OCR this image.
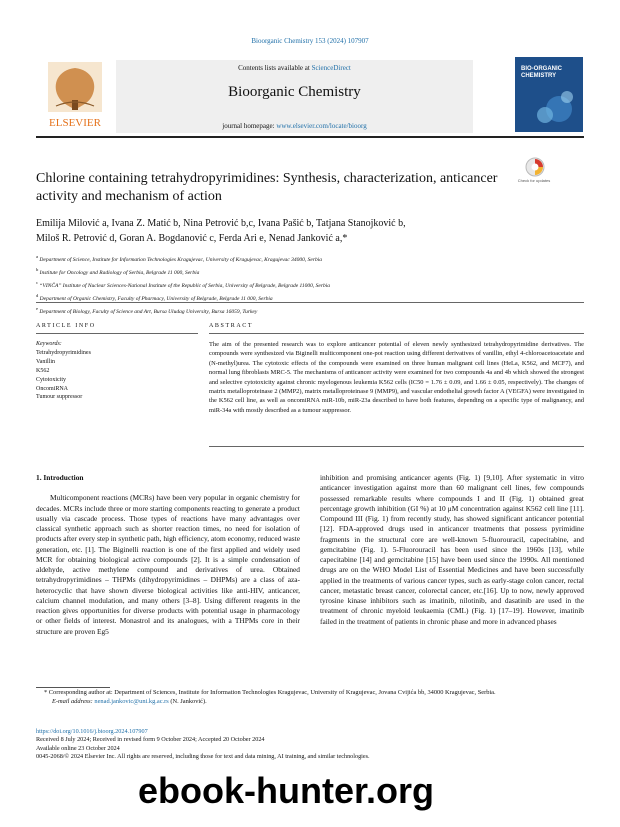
Bioorganic Chemistry 153 (2024) 107907
ELSEVIER
Contents lists available at ScienceDirect
Bioorganic Chemistry
journal homepage: www.elsevier.com/locate/bioorg
BIO-ORGANIC CHEMISTRY
Chlorine containing tetrahydropyrimidines: Synthesis, characterization, anticancer activity and mechanism of action
Check for updates
Emilija Milović a, Ivana Z. Matić b, Nina Petrović b,c, Ivana Pašić b, Tatjana Stanojković b,
Miloš R. Petrović d, Goran A. Bogdanović c, Ferda Ari e, Nenad Janković a,*
$^a$ Department of Science, Institute for Information Technologies Kragujevac, University of Kragujevac, Kragujevac 34000, Serbia
$^b$ Institute for Oncology and Radiology of Serbia, Belgrade 11 000, Serbia
$^c$ “VINČA” Institute of Nuclear Sciences-National Institute of the Republic of Serbia, University of Belgrade, Belgrade 11000, Serbia
$^d$ Department of Organic Chemistry, Faculty of Pharmacy, University of Belgrade, Belgrade 11 000, Serbia
$^e$ Department of Biology, Faculty of Science and Art, Bursa Uludag University, Bursa 16059, Turkey
ARTICLE INFO	ABSTRACT
Keywords:
Tetrahydropyrimidines
Vanillin
K562
Cytotoxicity
OncomiRNA
Tumour suppressor
The aim of the presented research was to explore anticancer potential of eleven newly synthesized tetrahydropyrimidine derivatives. The compounds were synthesized via Biginelli multicomponent one-pot reaction using different derivatives of vanillin, ethyl 4-chloroacetoacetate and (N-methyl)urea. The cytotoxic effects of the compounds were examined on three human malignant cell lines (HeLa, K562, and MCF7), and normal lung fibroblasts MRC-5. The mechanisms of anticancer activity were examined for two compounds 4a and 4b which showed the strongest and selective cytotoxicity against chronic myelogenous leukemia K562 cells (IC50 = 1.76 ± 0.09, and 1.66 ± 0.05, respectively). The changes of matrix metalloproteinase 2 (MMP2), matrix metalloproteinase 9 (MMP9), and vascular endothelial growth factor A (VEGFA) were investigated in the K562 cell line, as well as oncomiRNA miR-10b, miR-23a described to have both features, depending on a specific type of malignancy, and miR-34a with mostly described as a tumour suppressor.
1. Introduction

Multicomponent reactions (MCRs) have been very popular in organic chemistry for decades. MCRs include three or more starting components reacting to generate a product usually via cascade process. Those types of reactions have many advantages over classical synthetic approach such as shorter reaction times, no need for isolation of products after every step in synthetic path, high efficiency, atom economy, reduced waste generation, etc. [1]. The Biginelli reaction is one of the first applied and widely used MCR for obtaining biological active compounds [2]. It is a simple condensation of aldehyde, active methylene compound and derivatives of urea. Obtained tetrahydropyrimidines – THPMs (dihydropyrimidines – DHPMs) are a class of aza-heterocyclic that have shown diverse biological activities like anti-HIV, anticancer, calcium channel modulation, and many others [3–8]. Using different reagents in the reaction gives opportunities for diverse products with potential usage in pharmacology or other fields of interest. Monastrol and its analogues, with a THPMs core in their structure are proven Eg5

inhibition and promising anticancer agents (Fig. 1) [9,10]. After systematic in vitro anticancer investigation against more than 60 malignant cell lines, few compounds possessed remarkable results where compounds I and II (Fig. 1) obtained great percentage growth inhibition (GI %) at 10 μM concentration against K562 cell line [11]. Compound III (Fig. 1) from recently study, has showed significant anticancer potential [12]. FDA-approved drugs used in anticancer treatments that possess pyrimidine fragments in the structural core are well-known 5-fluorouracil, capecitabine, and gemcitabine (Fig. 1). 5-Fluorouracil has been used since the 1960s [13], while capecitabine [14] and gemcitabine [15] have been used since the 1990s. All mentioned drugs are on the WHO Model List of Essential Medicines and have been successfully applied in the treatments of various cancer types, such as early-stage colon cancer, rectal cancer, metastatic breast cancer, colorectal cancer, etc.[16]. Up to now, newly approved tyrosine kinase inhibitors such as imatinib, nilotinib, and dasatinib are used in the treatment of chronic myeloid leukaemia (CML) (Fig. 1) [17–19]. However, imatinib failed in the treatment of patients in chronic phase and more in advanced phases

* Corresponding author at: Department of Sciences, Institute for Information Technologies Kragujevac, University of Kragujevac, Jovana Cvijića bb, 34000 Kragujevac, Serbia.
E-mail address: nenad.jankovic@uni.kg.ac.rs (N. Janković).
https://doi.org/10.1016/j.bioorg.2024.107907
Received 8 July 2024; Received in revised form 9 October 2024; Accepted 20 October 2024
Available online 23 October 2024
0045-2068/© 2024 Elsevier Inc. All rights are reserved, including those for text and data mining, AI training, and similar technologies.
ebook-hunter.org
